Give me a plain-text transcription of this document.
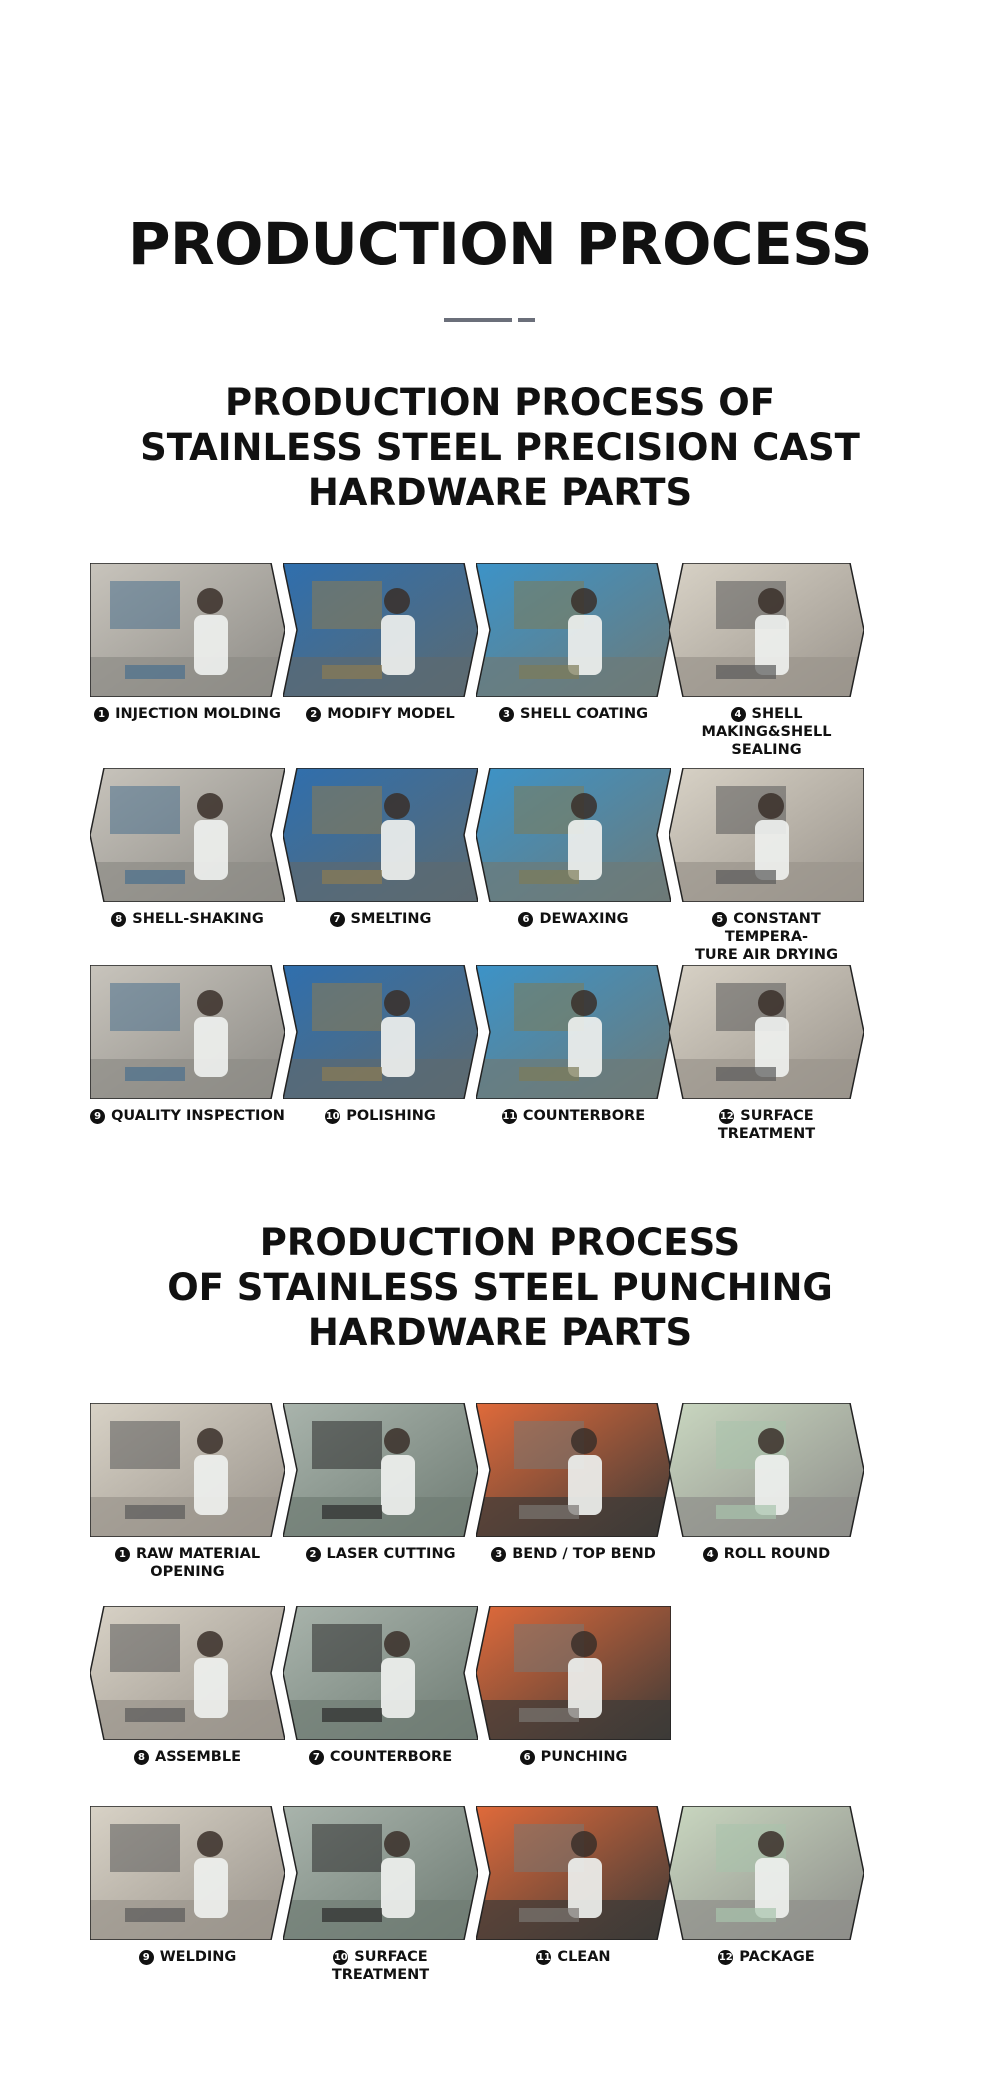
PRODUCTION PROCESS
PRODUCTION PROCESS OF
STAINLESS STEEL PRECISION CAST
HARDWARE PARTS
1 INJECTION MOLDING	2 MODIFY MODEL	3 SHELL COATING	4 SHELL MAKING&SHELL
SEALING
8 SHELL-SHAKING	7 SMELTING	6 DEWAXING	5 CONSTANT TEMPERA-
TURE AIR DRYING
9 QUALITY INSPECTION	10 POLISHING	11 COUNTERBORE	12 SURFACE TREATMENT
PRODUCTION PROCESS
OF STAINLESS STEEL PUNCHING
HARDWARE PARTS
1 RAW MATERIAL OPENING
2 LASER CUTTING	3 BEND / TOP BEND	4 ROLL ROUND
8 ASSEMBLE	7 COUNTERBORE	6 PUNCHING
9 WELDING	10 SURFACE
TREATMENT
11 CLEAN	12 PACKAGE
